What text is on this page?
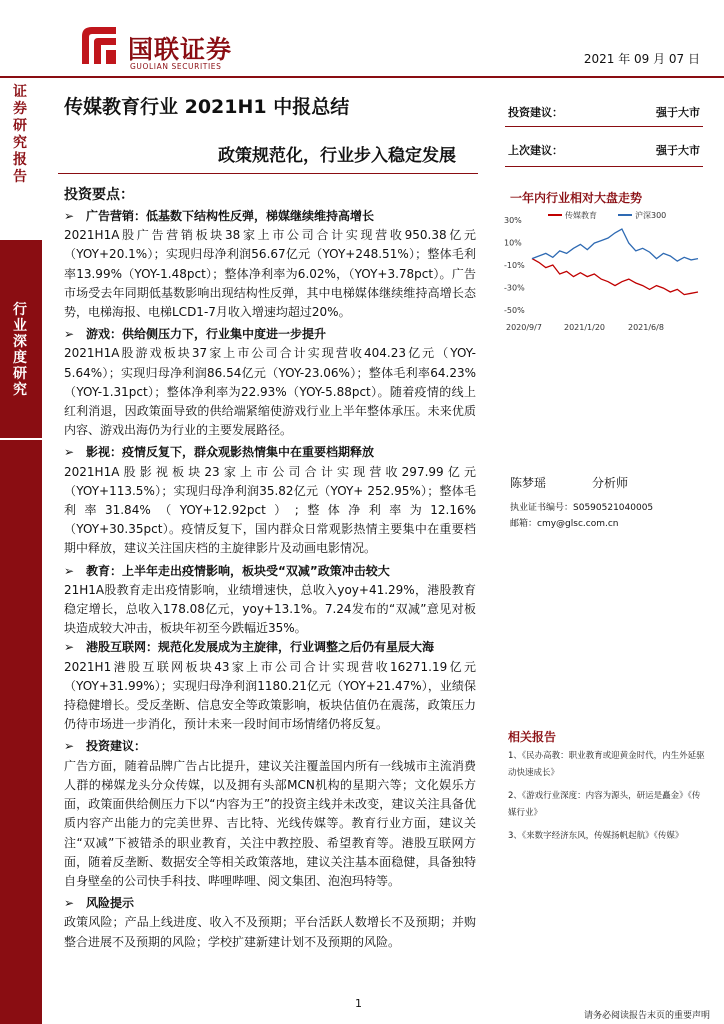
国联证券
GUOLIAN SECURITIES
2021 年 09 月 07 日
证券研究报告
行业深度研究
传媒教育行业 2021H1 中报总结
政策规范化，行业步入稳定发展
投资建议：	强于大市
上次建议：	强于大市
投资要点：
➢ 广告营销：低基数下结构性反弹，梯媒继续维持高增长
2021H1A股广告营销板块38家上市公司合计实现营收950.38亿元（YOY+20.1%）；实现归母净利润56.67亿元（YOY+248.51%）；整体毛利率13.99%（YOY-1.48pct）；整体净利率为6.02%，（YOY+3.78pct）。广告市场受去年同期低基数影响出现结构性反弹，其中电梯媒体继续维持高增长态势，电梯海报、电梯LCD1-7月收入增速均超过20%。
➢ 游戏：供给侧压力下，行业集中度进一步提升
2021H1A股游戏板块37家上市公司合计实现营收404.23亿元（YOY-5.64%）；实现归母净利润86.54亿元（YOY-23.06%）；整体毛利率64.23%（YOY-1.31pct）；整体净利率为22.93%（YOY-5.88pct）。随着疫情的线上红利消退，因政策面导致的供给端紧缩使游戏行业上半年整体承压。未来优质内容、游戏出海仍为行业的主要发展路径。
➢ 影视：疫情反复下，群众观影热情集中在重要档期释放
2021H1A股影视板块23家上市公司合计实现营收297.99亿元（YOY+113.5%）；实现归母净利润35.82亿元（YOY+ 252.95%）；整体毛利率31.84%（YOY+12.92pct）;整体净利率为12.16%（YOY+30.35pct）。疫情反复下，国内群众日常观影热情主要集中在重要档期中释放，建议关注国庆档的主旋律影片及动画电影情况。
➢ 教育：上半年走出疫情影响，板块受“双减”政策冲击较大
21H1A股教育走出疫情影响，业绩增速快，总收入yoy+41.29%，港股教育稳定增长，总收入178.08亿元，yoy+13.1%。7.24发布的“双减”意见对板块造成较大冲击，板块年初至今跌幅近35%。
➢ 港股互联网：规范化发展成为主旋律，行业调整之后仍有星辰大海
2021H1港股互联网板块43家上市公司合计实现营收16271.19亿元（YOY+31.99%）；实现归母净利润1180.21亿元（YOY+21.47%），业绩保持稳健增长。受反垄断、信息安全等政策影响，板块估值仍在震荡，政策压力仍待市场进一步消化，预计未来一段时间市场情绪仍将反复。
➢ 投资建议：
广告方面，随着品牌广告占比提升，建议关注覆盖国内所有一线城市主流消费人群的梯媒龙头分众传媒，以及拥有头部MCN机构的星期六等；文化娱乐方面，政策面供给侧压力下以“内容为王”的投资主线并未改变，建议关注具备优质内容产出能力的完美世界、吉比特、光线传媒等。教育行业方面，建议关注“双减”下被错杀的职业教育，关注中教控股、希望教育等。港股互联网方面，随着反垄断、数据安全等相关政策落地，建议关注基本面稳健，具备独特自身壁垒的公司快手科技、哔哩哔哩、阅文集团、泡泡玛特等。
➢ 风险提示
政策风险；产品上线进度、收入不及预期；平台活跃人数增长不及预期；并购整合进展不及预期的风险；学校扩建新建计划不及预期的风险。
一年内行业相对大盘走势
30%
10%
-10%
-30%
-50%
2020/9/7	2021/1/20	2021/6/8
传媒教育	沪深300
陈梦瑶	分析师
执业证书编号：S0590521040005
邮箱：cmy@glsc.com.cn
相关报告
1、《民办高教：职业教育或迎黄金时代，内生外延驱动快速成长》
2、《游戏行业深度：内容为源头，研运是矗金》《传媒行业》
3、《来数字经济东风，传媒扬帆起航》《传媒》
1
请务必阅读报告末页的重要声明
